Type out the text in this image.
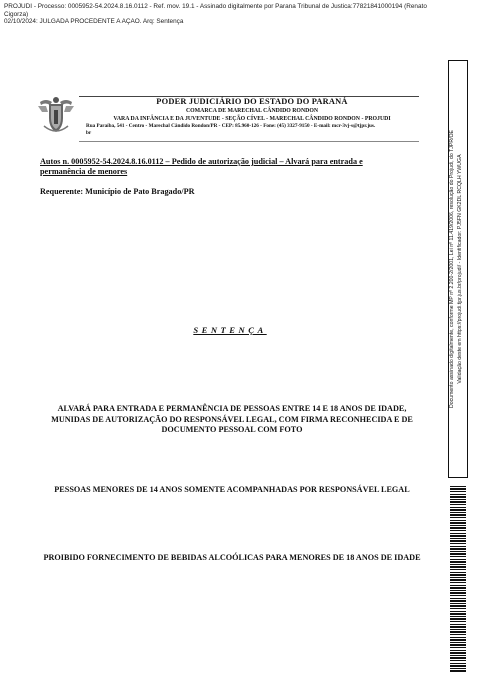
PROJUDI - Processo: 0005952-54.2024.8.16.0112 - Ref. mov. 19.1 - Assinado digitalmente por Parana Tribunal de Justica:77821841000194 (Renato
Cigorza)
02/10/2024: JULGADA PROCEDENTE A AÇÃO. Arq: Sentença
PODER JUDICIÁRIO DO ESTADO DO PARANÁ
COMARCA DE MARECHAL CÂNDIDO RONDON
VARA DA INFÂNCIA E DA JUVENTUDE - SEÇÃO CÍVEL - MARECHAL CÂNDIDO RONDON - PROJUDI
Rua Paraíba, 541 - Centro - Marechal Cândido Rondon/PR - CEP: 85.960-126 - Fone: (45) 3327-9150 - E-mail: mcr-3vj-s@tjpr.jus.
br
Autos n. 0005952-54.2024.8.16.0112 – Pedido de autorização judicial – Alvará para entrada e permanência de menores
Requerente: Município de Pato Bragado/PR
SENTENÇA
ALVARÁ PARA ENTRADA E PERMANÊNCIA DE PESSOAS ENTRE 14 E 18 ANOS DE IDADE, MUNIDAS DE AUTORIZAÇÃO DO RESPONSÁVEL LEGAL, COM FIRMA RECONHECIDA E DE DOCUMENTO PESSOAL COM FOTO
PESSOAS MENORES DE 14 ANOS SOMENTE ACOMPANHADAS POR RESPONSÁVEL LEGAL
PROIBIDO FORNECIMENTO DE BEBIDAS ALCOÓLICAS PARA MENORES DE 18 ANOS DE IDADE
Documento assinado digitalmente, conforme MP nº 2.200-2/2001, Lei nº 11.419/2006, resolução do Projudi, do TJPR/OE Validação deste em https://projudi.tjpr.jus.br/projudi/ - Identificador: PJ5FN GK2DL RCQLH YWUGA
